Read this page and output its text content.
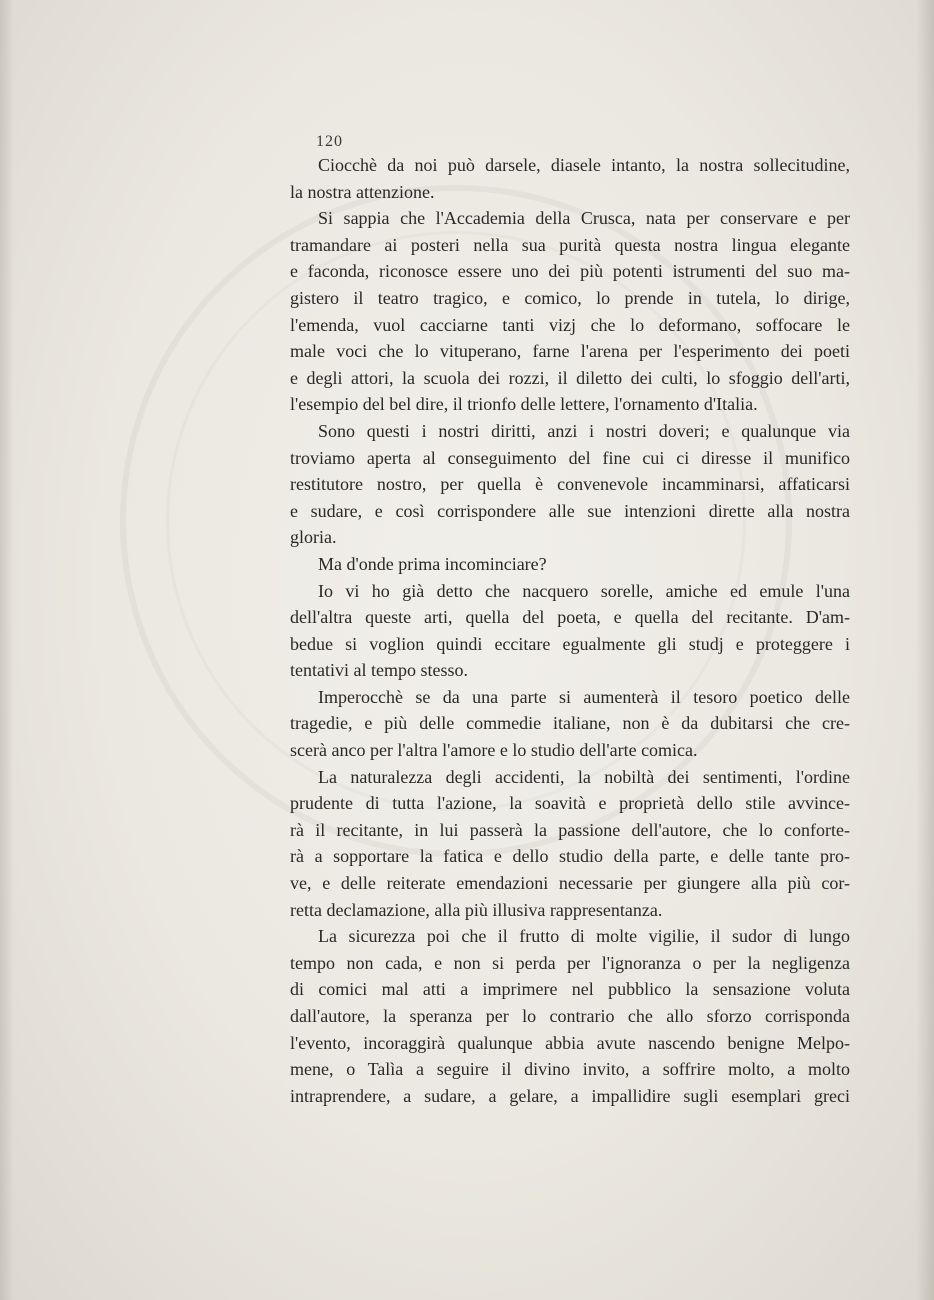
120
Ciocchè da noi può darsele, diasele intanto, la nostra sollecitudine,
la nostra attenzione.
Si sappia che l'Accademia della Crusca, nata per conservare e per
tramandare ai posteri nella sua purità questa nostra lingua elegante
e faconda, riconosce essere uno dei più potenti istrumenti del suo ma-
gistero il teatro tragico, e comico, lo prende in tutela, lo dirige,
l'emenda, vuol cacciarne tanti vizj che lo deformano, soffocare le
male voci che lo vituperano, farne l'arena per l'esperimento dei poeti
e degli attori, la scuola dei rozzi, il diletto dei culti, lo sfoggio dell'arti,
l'esempio del bel dire, il trionfo delle lettere, l'ornamento d'Italia.
Sono questi i nostri diritti, anzi i nostri doveri; e qualunque via
troviamo aperta al conseguimento del fine cui ci diresse il munifico
restitutore nostro, per quella è convenevole incamminarsi, affaticarsi
e sudare, e così corrispondere alle sue intenzioni dirette alla nostra
gloria.
Ma d'onde prima incominciare?
Io vi ho già detto che nacquero sorelle, amiche ed emule l'una
dell'altra queste arti, quella del poeta, e quella del recitante. D'am-
bedue si voglion quindi eccitare egualmente gli studj e proteggere i
tentativi al tempo stesso.
Imperocchè se da una parte si aumenterà il tesoro poetico delle
tragedie, e più delle commedie italiane, non è da dubitarsi che cre-
scerà anco per l'altra l'amore e lo studio dell'arte comica.
La naturalezza degli accidenti, la nobiltà dei sentimenti, l'ordine
prudente di tutta l'azione, la soavità e proprietà dello stile avvince-
rà il recitante, in lui passerà la passione dell'autore, che lo conforte-
rà a sopportare la fatica e dello studio della parte, e delle tante pro-
ve, e delle reiterate emendazioni necessarie per giungere alla più cor-
retta declamazione, alla più illusiva rappresentanza.
La sicurezza poi che il frutto di molte vigilie, il sudor di lungo
tempo non cada, e non si perda per l'ignoranza o per la negligenza
di comici mal atti a imprimere nel pubblico la sensazione voluta
dall'autore, la speranza per lo contrario che allo sforzo corrisponda
l'evento, incoraggirà qualunque abbia avute nascendo benigne Melpo-
mene, o Talìa a seguire il divino invito, a soffrire molto, a molto
intraprendere, a sudare, a gelare, a impallidire sugli esemplari greci
